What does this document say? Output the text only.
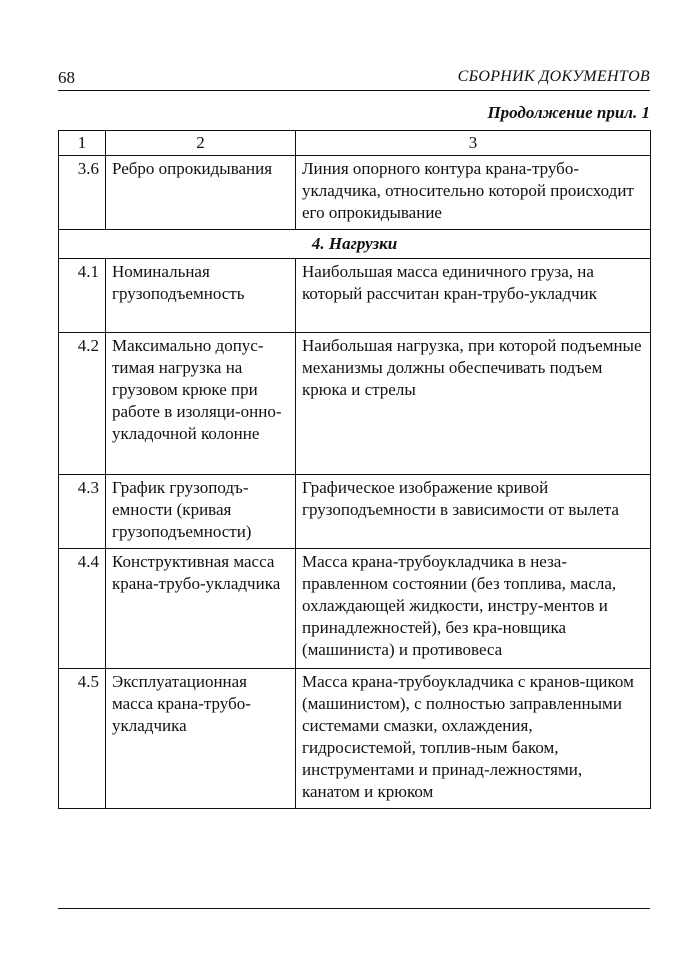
68	СБОРНИК ДОКУМЕНТОВ
Продолжение прил. 1
1	2	3
3.6	Ребро опрокидывания	Линия опорного контура крана-трубо-укладчика, относительно которой происходит его опрокидывание
4. Нагрузки		
4.1	Номинальная грузоподъемность	Наибольшая масса единичного груза, на который рассчитан кран-трубо-укладчик
4.2	Максимально допус-тимая нагрузка на грузовом крюке при работе в изоляци-онно-укладочной колонне	Наибольшая нагрузка, при которой подъемные механизмы должны обеспечивать подъем крюка и стрелы
4.3	График грузоподъ-емности (кривая грузоподъемности)	Графическое изображение кривой грузоподъемности в зависимости от вылета
4.4	Конструктивная масса крана-трубо-укладчика	Масса крана-трубоукладчика в неза-правленном состоянии (без топлива, масла, охлаждающей жидкости, инстру-ментов и принадлежностей), без кра-новщика (машиниста) и противовеса
4.5	Эксплуатационная масса крана-трубо-укладчика	Масса крана-трубоукладчика с кранов-щиком (машинистом), с полностью заправленными системами смазки, охлаждения, гидросистемой, топлив-ным баком, инструментами и принад-лежностями, канатом и крюком
